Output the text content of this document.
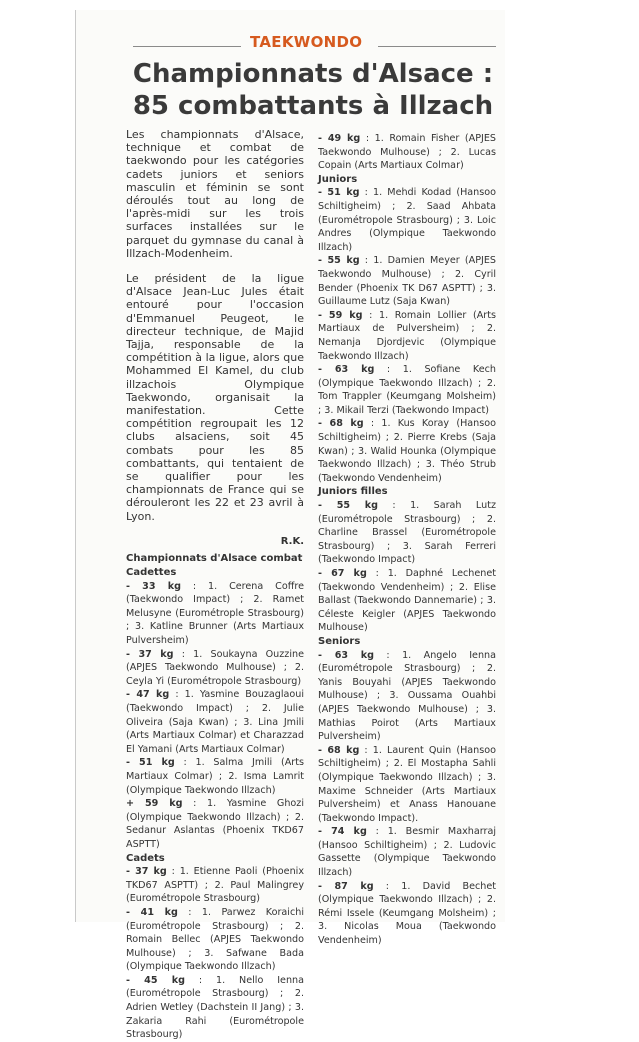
TAEKWONDO
Championnats d'Alsace :
85 combattants à Illzach

Les championnats d'Alsace, technique et combat de taekwondo pour les catégories cadets juniors et seniors masculin et féminin se sont déroulés tout au long de l'après-midi sur les trois surfaces installées sur le parquet du gymnase du canal à Illzach-Modenheim.

Le président de la ligue d'Alsace Jean-Luc Jules était entouré pour l'occasion d'Emmanuel Peugeot, le directeur technique, de Majid Tajja, responsable de la compétition à la ligue, alors que Mohammed El Kamel, du club illzachois Olympique Taekwondo, organisait la manifestation. Cette compétition regroupait les 12 clubs alsaciens, soit 45 combats pour les 85 combattants, qui tentaient de se qualifier pour les championnats de France qui se dérouleront les 22 et 23 avril à Lyon.

R.K.

Championnats d'Alsace combat

Cadettes

- 33 kg : 1. Cerena Coffre (Taekwondo Impact) ; 2. Ramet Melusyne (Eurométrople Strasbourg) ; 3. Katline Brunner (Arts Martiaux Pulversheim)

- 37 kg : 1. Soukayna Ouzzine (APJES Taekwondo Mulhouse) ; 2. Ceyla Yi (Eurométropole Strasbourg)

- 47 kg : 1. Yasmine Bouzaglaoui (Taekwondo Impact) ; 2. Julie Oliveira (Saja Kwan) ; 3. Lina Jmili (Arts Martiaux Colmar) et Charazzad El Yamani (Arts Martiaux Colmar)

- 51 kg : 1. Salma Jmili (Arts Martiaux Colmar) ; 2. Isma Lamrit (Olympique Taekwondo Illzach)

+ 59 kg : 1. Yasmine Ghozi (Olympique Taekwondo Illzach) ; 2. Sedanur Aslantas (Phoenix TKD67 ASPTT)

Cadets

- 37 kg : 1. Etienne Paoli (Phoenix TKD67 ASPTT) ; 2. Paul Malingrey (Eurométropole Strasbourg)

- 41 kg : 1. Parwez Koraichi (Eurométropole Strasbourg) ; 2. Romain Bellec (APJES Taekwondo Mulhouse) ; 3. Safwane Bada (Olympique Taekwondo Illzach)

- 45 kg : 1. Nello Ienna (Eurométropole Strasbourg) ; 2. Adrien Wetley (Dachstein II Jang) ; 3. Zakaria Rahi (Eurométropole Strasbourg)

- 49 kg : 1. Romain Fisher (APJES Taekwondo Mulhouse) ; 2. Lucas Copain (Arts Martiaux Colmar)

Juniors

- 51 kg : 1. Mehdi Kodad (Hansoo Schiltigheim) ; 2. Saad Ahbata (Eurométropole Strasbourg) ; 3. Loic Andres (Olympique Taekwondo Illzach)

- 55 kg : 1. Damien Meyer (APJES Taekwondo Mulhouse) ; 2. Cyril Bender (Phoenix TK D67 ASPTT) ; 3. Guillaume Lutz (Saja Kwan)

- 59 kg : 1. Romain Lollier (Arts Martiaux de Pulversheim) ; 2. Nemanja Djordjevic (Olympique Taekwondo Illzach)

- 63 kg : 1. Sofiane Kech (Olympique Taekwondo Illzach) ; 2. Tom Trappler (Keumgang Molsheim) ; 3. Mikail Terzi (Taekwondo Impact)

- 68 kg : 1. Kus Koray (Hansoo Schiltigheim) ; 2. Pierre Krebs (Saja Kwan) ; 3. Walid Hounka (Olympique Taekwondo Illzach) ; 3. Théo Strub (Taekwondo Vendenheim)

Juniors filles

- 55 kg : 1. Sarah Lutz (Eurométropole Strasbourg) ; 2. Charline Brassel (Eurométropole Strasbourg) ; 3. Sarah Ferreri (Taekwondo Impact)

- 67 kg : 1. Daphné Lechenet (Taekwondo Vendenheim) ; 2. Elise Ballast (Taekwondo Dannemarie) ; 3. Céleste Keigler (APJES Taekwondo Mulhouse)

Seniors

- 63 kg : 1. Angelo Ienna (Eurométropole Strasbourg) ; 2. Yanis Bouyahi (APJES Taekwondo Mulhouse) ; 3. Oussama Ouahbi (APJES Taekwondo Mulhouse) ; 3. Mathias Poirot (Arts Martiaux Pulversheim)

- 68 kg : 1. Laurent Quin (Hansoo Schiltigheim) ; 2. El Mostapha Sahli (Olympique Taekwondo Illzach) ; 3. Maxime Schneider (Arts Martiaux Pulversheim) et Anass Hanouane (Taekwondo Impact).

- 74 kg : 1. Besmir Maxharraj (Hansoo Schiltigheim) ; 2. Ludovic Gassette (Olympique Taekwondo Illzach)

- 87 kg : 1. David Bechet (Olympique Taekwondo Illzach) ; 2. Rémi Issele (Keumgang Molsheim) ; 3. Nicolas Moua (Taekwondo Vendenheim)
